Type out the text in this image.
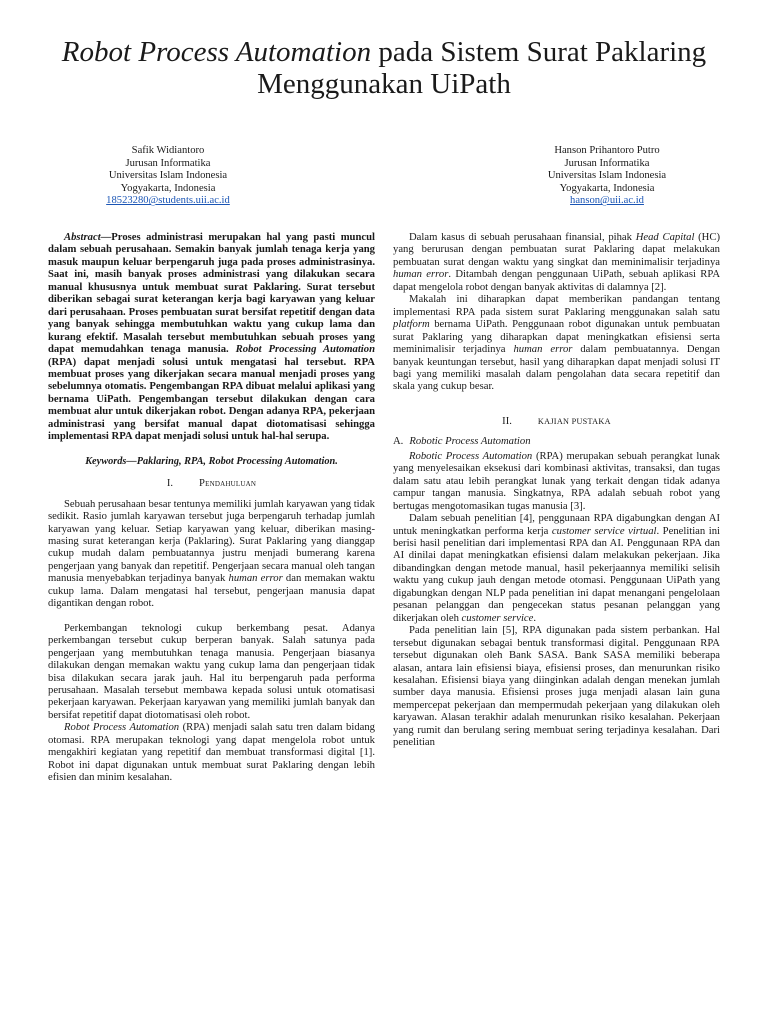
Robot Process Automation pada Sistem Surat Paklaring Menggunakan UiPath
Safik Widiantoro
Jurusan Informatika
Universitas Islam Indonesia
Yogyakarta, Indonesia
18523280@students.uii.ac.id
Hanson Prihantoro Putro
Jurusan Informatika
Universitas Islam Indonesia
Yogyakarta, Indonesia
hanson@uii.ac.id

Abstract—Proses administrasi merupakan hal yang pasti muncul dalam sebuah perusahaan. Semakin banyak jumlah tenaga kerja yang masuk maupun keluar berpengaruh juga pada proses administrasinya. Saat ini, masih banyak proses administrasi yang dilakukan secara manual khususnya untuk membuat surat Paklaring. Surat tersebut diberikan sebagai surat keterangan kerja bagi karyawan yang keluar dari perusahaan. Proses pembuatan surat bersifat repetitif dengan data yang banyak sehingga membutuhkan waktu yang cukup lama dan kurang efektif. Masalah tersebut membutuhkan sebuah proses yang dapat memudahkan tenaga manusia. Robot Processing Automation (RPA) dapat menjadi solusi untuk mengatasi hal tersebut. RPA membuat proses yang dikerjakan secara manual menjadi proses yang sebelumnya otomatis. Pengembangan RPA dibuat melalui aplikasi yang bernama UiPath. Pengembangan tersebut dilakukan dengan cara membuat alur untuk dikerjakan robot. Dengan adanya RPA, pekerjaan administrasi yang bersifat manual dapat diotomatisasi sehingga implementasi RPA dapat menjadi solusi untuk hal-hal serupa.

Keywords—Paklaring, RPA, Robot Processing Automation.
I. Pendahuluan

Sebuah perusahaan besar tentunya memiliki jumlah karyawan yang tidak sedikit. Rasio jumlah karyawan tersebut juga berpengaruh terhadap jumlah karyawan yang keluar. Setiap karyawan yang keluar, diberikan masing-masing surat keterangan kerja (Paklaring). Surat Paklaring yang dianggap cukup mudah dalam pembuatannya justru menjadi bumerang karena pengerjaan yang banyak dan repetitif. Pengerjaan secara manual oleh tangan manusia menyebabkan terjadinya banyak human error dan memakan waktu cukup lama. Dalam mengatasi hal tersebut, pengerjaan manusia dapat digantikan dengan robot.

Perkembangan teknologi cukup berkembang pesat. Adanya perkembangan tersebut cukup berperan banyak. Salah satunya pada pengerjaan yang membutuhkan tenaga manusia. Pengerjaan biasanya dilakukan dengan memakan waktu yang cukup lama dan pengerjaan tidak bisa dilakukan secara jarak jauh. Hal itu berpengaruh pada performa perusahaan. Masalah tersebut membawa kepada solusi untuk otomatisasi pekerjaan karyawan. Pekerjaan karyawan yang memiliki jumlah banyak dan bersifat repetitif dapat diotomatisasi oleh robot.

Robot Process Automation (RPA) menjadi salah satu tren dalam bidang otomasi. RPA merupakan teknologi yang dapat mengelola robot untuk mengakhiri kegiatan yang repetitif dan membuat transformasi digital [1]. Robot ini dapat digunakan untuk membuat surat Paklaring dengan lebih efisien dan minim kesalahan.

Dalam kasus di sebuah perusahaan finansial, pihak Head Capital (HC) yang berurusan dengan pembuatan surat Paklaring dapat melakukan pembuatan surat dengan waktu yang singkat dan meminimalisir terjadinya human error. Ditambah dengan penggunaan UiPath, sebuah aplikasi RPA dapat mengelola robot dengan banyak aktivitas di dalamnya [2].

Makalah ini diharapkan dapat memberikan pandangan tentang implementasi RPA pada sistem surat Paklaring menggunakan salah satu platform bernama UiPath. Penggunaan robot digunakan untuk pembuatan surat Paklaring yang diharapkan dapat meningkatkan efisiensi serta meminimalisir terjadinya human error dalam pembuatannya. Dengan banyak keuntungan tersebut, hasil yang diharapkan dapat menjadi solusi IT bagi yang memiliki masalah dalam pengolahan data secara repetitif dan skala yang cukup besar.

II.	KAJIAN PUSTAKA
A. Robotic Process Automation

Robotic Process Automation (RPA) merupakan sebuah perangkat lunak yang menyelesaikan eksekusi dari kombinasi aktivitas, transaksi, dan tugas dalam satu atau lebih perangkat lunak yang terkait dengan tidak adanya campur tangan manusia. Singkatnya, RPA adalah sebuah robot yang bertugas mengotomasikan tugas manusia [3].

Dalam sebuah penelitian [4], penggunaan RPA digabungkan dengan AI untuk meningkatkan performa kerja customer service virtual. Penelitian ini berisi hasil penelitian dari implementasi RPA dan AI. Penggunaan RPA dan AI dinilai dapat meningkatkan efisiensi dalam melakukan pekerjaan. Jika dibandingkan dengan metode manual, hasil pekerjaannya memiliki selisih waktu yang cukup jauh dengan metode otomasi. Penggunaan UiPath yang digabungkan dengan NLP pada penelitian ini dapat menangani pengelolaan pesanan pelanggan dan pengecekan status pesanan pelanggan yang dikerjakan oleh customer service.

Pada penelitian lain [5], RPA digunakan pada sistem perbankan. Hal tersebut digunakan sebagai bentuk transformasi digital. Penggunaan RPA tersebut digunakan oleh Bank SASA. Bank SASA memiliki beberapa alasan, antara lain efisiensi biaya, efisiensi proses, dan menurunkan risiko kesalahan. Efisiensi biaya yang diinginkan adalah dengan menekan jumlah sumber daya manusia. Efisiensi proses juga menjadi alasan lain guna mempercepat pekerjaan dan mempermudah pekerjaan yang dilakukan oleh karyawan. Alasan terakhir adalah menurunkan risiko kesalahan. Pekerjaan yang rumit dan berulang sering membuat sering terjadinya kesalahan. Dari penelitian
